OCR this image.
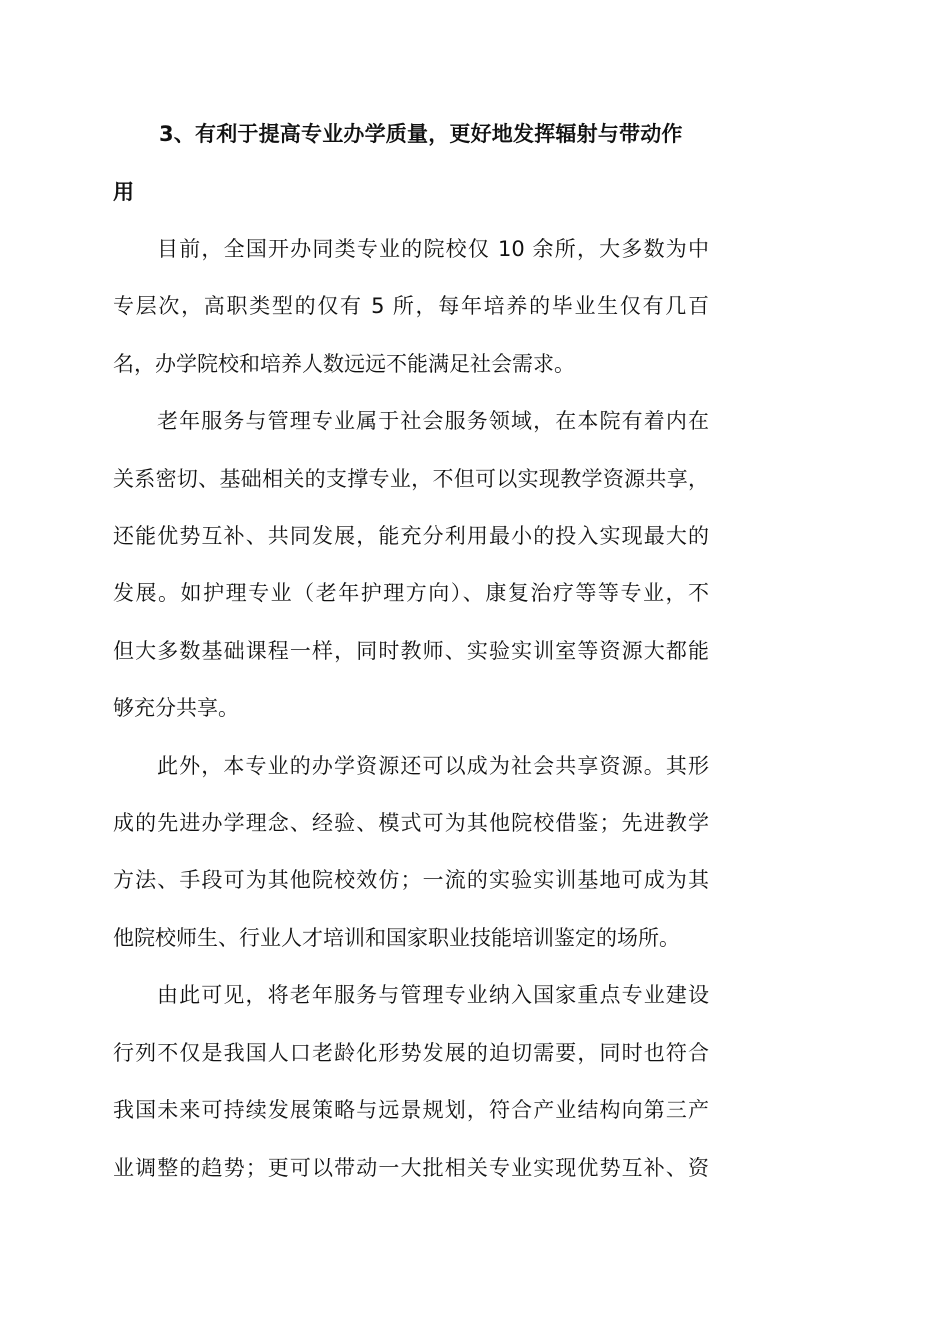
3、有利于提高专业办学质量，更好地发挥辐射与带动作
用
目前，全国开办同类专业的院校仅 10 余所，大多数为中
专层次，高职类型的仅有 5 所，每年培养的毕业生仅有几百
名，办学院校和培养人数远远不能满足社会需求。
老年服务与管理专业属于社会服务领域，在本院有着内在
关系密切、基础相关的支撑专业，不但可以实现教学资源共享，
还能优势互补、共同发展，能充分利用最小的投入实现最大的
发展。如护理专业（老年护理方向）、康复治疗等等专业，不
但大多数基础课程一样，同时教师、实验实训室等资源大都能
够充分共享。
此外，本专业的办学资源还可以成为社会共享资源。其形
成的先进办学理念、经验、模式可为其他院校借鉴；先进教学
方法、手段可为其他院校效仿；一流的实验实训基地可成为其
他院校师生、行业人才培训和国家职业技能培训鉴定的场所。
由此可见，将老年服务与管理专业纳入国家重点专业建设
行列不仅是我国人口老龄化形势发展的迫切需要，同时也符合
我国未来可持续发展策略与远景规划，符合产业结构向第三产
业调整的趋势；更可以带动一大批相关专业实现优势互补、资
